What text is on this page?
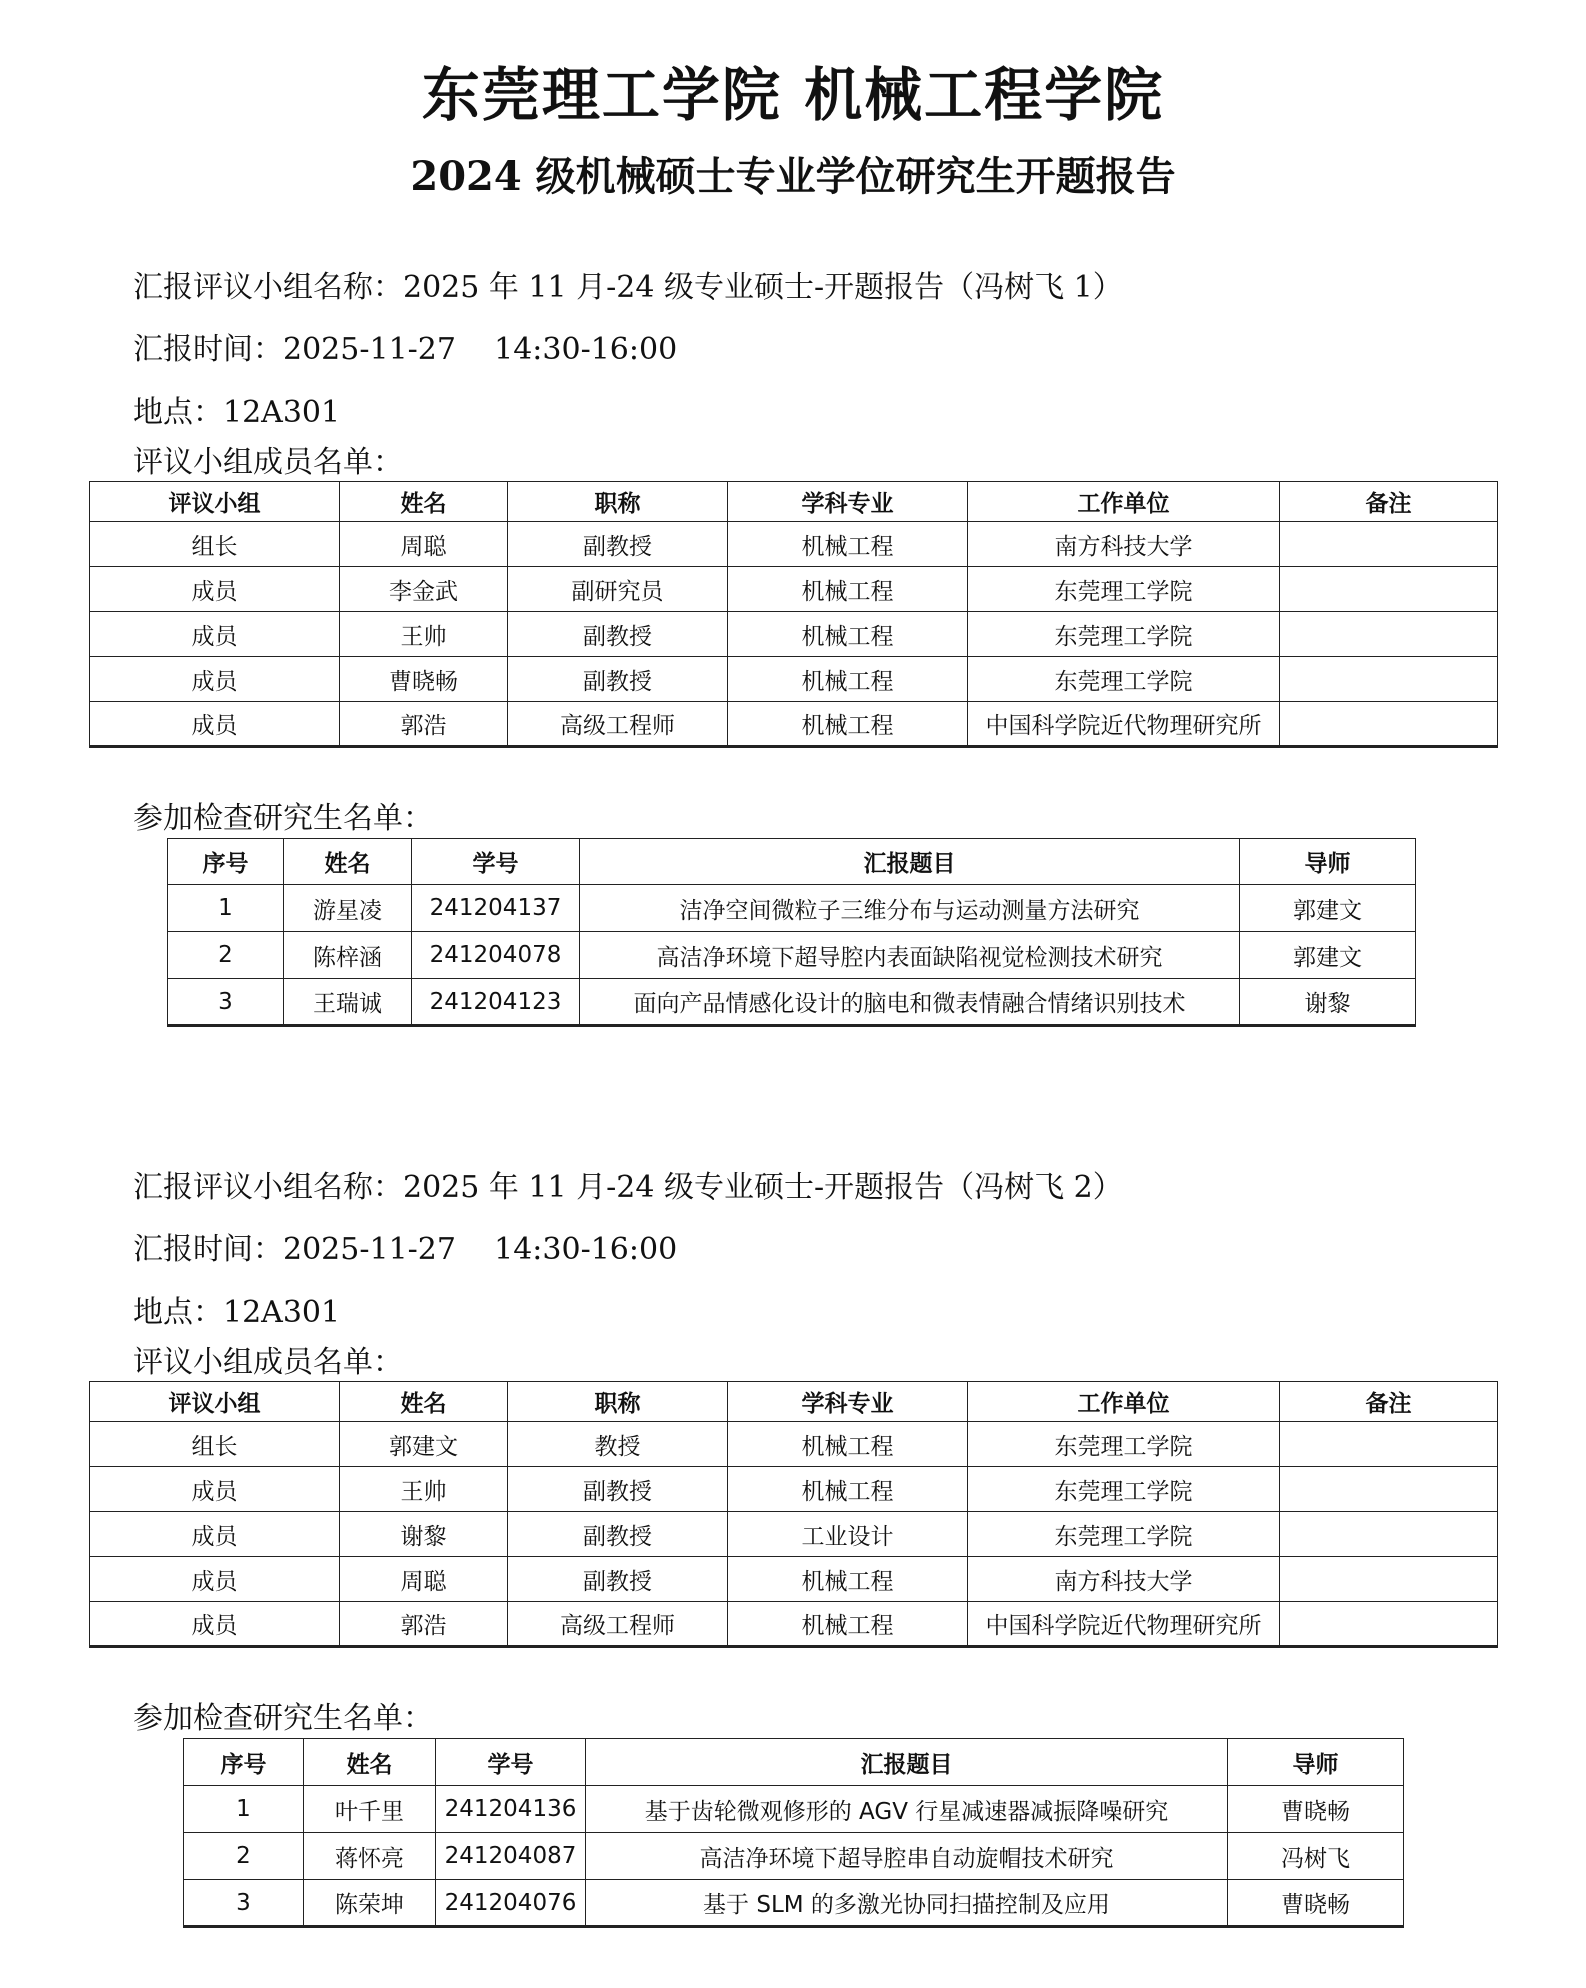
东莞理工学院 机械工程学院
2024 级机械硕士专业学位研究生开题报告
汇报评议小组名称：2025 年 11 月-24 级专业硕士-开题报告（冯树飞 1）
汇报时间：2025-11-27    14:30-16:00
地点：12A301
评议小组成员名单：
评议小组	姓名	职称	学科专业	工作单位	备注
组长	周聪	副教授	机械工程	南方科技大学	
成员	李金武	副研究员	机械工程	东莞理工学院	
成员	王帅	副教授	机械工程	东莞理工学院	
成员	曹晓畅	副教授	机械工程	东莞理工学院	
成员	郭浩	高级工程师	机械工程	中国科学院近代物理研究所	
参加检查研究生名单：
序号	姓名	学号	汇报题目	导师
1	游星凌	241204137	洁净空间微粒子三维分布与运动测量方法研究	郭建文
2	陈梓涵	241204078	高洁净环境下超导腔内表面缺陷视觉检测技术研究	郭建文
3	王瑞诚	241204123	面向产品情感化设计的脑电和微表情融合情绪识别技术	谢黎
汇报评议小组名称：2025 年 11 月-24 级专业硕士-开题报告（冯树飞 2）
汇报时间：2025-11-27    14:30-16:00
地点：12A301
评议小组成员名单：
评议小组	姓名	职称	学科专业	工作单位	备注
组长	郭建文	教授	机械工程	东莞理工学院	
成员	王帅	副教授	机械工程	东莞理工学院	
成员	谢黎	副教授	工业设计	东莞理工学院	
成员	周聪	副教授	机械工程	南方科技大学	
成员	郭浩	高级工程师	机械工程	中国科学院近代物理研究所	
参加检查研究生名单：
序号	姓名	学号	汇报题目	导师
1	叶千里	241204136	基于齿轮微观修形的 AGV 行星减速器减振降噪研究	曹晓畅
2	蒋怀亮	241204087	高洁净环境下超导腔串自动旋帽技术研究	冯树飞
3	陈荣坤	241204076	基于 SLM 的多激光协同扫描控制及应用	曹晓畅
